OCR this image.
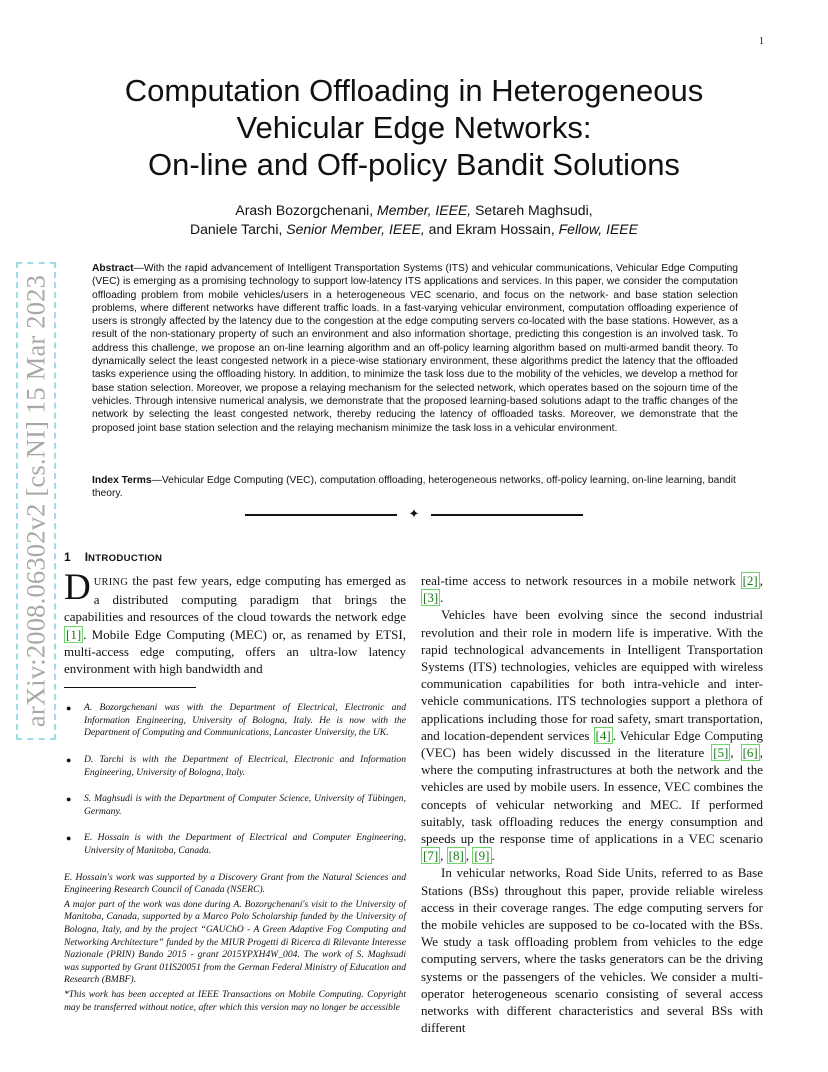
1
Computation Offloading in Heterogeneous
Vehicular Edge Networks:
On-line and Off-policy Bandit Solutions
Arash Bozorgchenani, Member, IEEE, Setareh Maghsudi,
Daniele Tarchi, Senior Member, IEEE, and Ekram Hossain, Fellow, IEEE
arXiv:2008.06302v2 [cs.NI] 15 Mar 2023

Abstract—With the rapid advancement of Intelligent Transportation Systems (ITS) and vehicular communications, Vehicular Edge Computing (VEC) is emerging as a promising technology to support low-latency ITS applications and services. In this paper, we consider the computation offloading problem from mobile vehicles/users in a heterogeneous VEC scenario, and focus on the network- and base station selection problems, where different networks have different traffic loads. In a fast-varying vehicular environment, computation offloading experience of users is strongly affected by the latency due to the congestion at the edge computing servers co-located with the base stations. However, as a result of the non-stationary property of such an environment and also information shortage, predicting this congestion is an involved task. To address this challenge, we propose an on-line learning algorithm and an off-policy learning algorithm based on multi-armed bandit theory. To dynamically select the least congested network in a piece-wise stationary environment, these algorithms predict the latency that the offloaded tasks experience using the offloading history. In addition, to minimize the task loss due to the mobility of the vehicles, we develop a method for base station selection. Moreover, we propose a relaying mechanism for the selected network, which operates based on the sojourn time of the vehicles. Through intensive numerical analysis, we demonstrate that the proposed learning-based solutions adapt to the traffic changes of the network by selecting the least congested network, thereby reducing the latency of offloaded tasks. Moreover, we demonstrate that the proposed joint base station selection and the relaying mechanism minimize the task loss in a vehicular environment.

Index Terms—Vehicular Edge Computing (VEC), computation offloading, heterogeneous networks, off-policy learning, on-line learning, bandit theory.

✦
1 INTRODUCTION

DURING the past few years, edge computing has emerged as a distributed computing paradigm that brings the capabilities and resources of the cloud towards the network edge [1] . Mobile Edge Computing (MEC) or, as renamed by ETSI, multi-access edge computing, offers an ultra-low latency environment with high bandwidth and

● A. Bozorgchenani was with the Department of Electrical, Electronic and Information Engineering, University of Bologna, Italy. He is now with the Department of Computing and Communications, Lancaster University, the UK.
● D. Tarchi is with the Department of Electrical, Electronic and Information Engineering, University of Bologna, Italy.
● S. Maghsudi is with the Department of Computer Science, University of Tübingen, Germany.
● E. Hossain is with the Department of Electrical and Computer Engineering, University of Manitoba, Canada.

E. Hossain's work was supported by a Discovery Grant from the Natural Sciences and Engineering Research Council of Canada (NSERC).

A major part of the work was done during A. Bozorgchenani's visit to the University of Manitoba, Canada, supported by a Marco Polo Scholarship funded by the University of Bologna, Italy, and by the project “GAUChO - A Green Adaptive Fog Computing and Networking Architecture” funded by the MIUR Progetti di Ricerca di Rilevante Interesse Nazionale (PRIN) Bando 2015 - grant 2015YPXH4W_004. The work of S. Maghsudi was supported by Grant 01IS20051 from the German Federal Ministry of Education and Research (BMBF).

*This work has been accepted at IEEE Transactions on Mobile Computing. Copyright may be transferred without notice, after which this version may no longer be accessible

real-time access to network resources in a mobile network [2] , [3] .

Vehicles have been evolving since the second industrial revolution and their role in modern life is imperative. With the rapid technological advancements in Intelligent Transportation Systems (ITS) technologies, vehicles are equipped with wireless communication capabilities for both intra-vehicle and inter-vehicle communications. ITS technologies support a plethora of applications including those for road safety, smart transportation, and location-dependent services [4] . Vehicular Edge Computing (VEC) has been widely discussed in the literature [5] , [6] , where the computing infrastructures at both the network and the vehicles are used by mobile users. In essence, VEC combines the concepts of vehicular networking and MEC. If performed suitably, task offloading reduces the energy consumption and speeds up the response time of applications in a VEC scenario [7] , [8] , [9] .

In vehicular networks, Road Side Units, referred to as Base Stations (BSs) throughout this paper, provide reliable wireless access in their coverage ranges. The edge computing servers for the mobile vehicles are supposed to be co-located with the BSs. We study a task offloading problem from vehicles to the edge computing servers, where the tasks generators can be the driving systems or the passengers of the vehicles. We consider a multi-operator heterogeneous scenario consisting of several access networks with different characteristics and several BSs with different
